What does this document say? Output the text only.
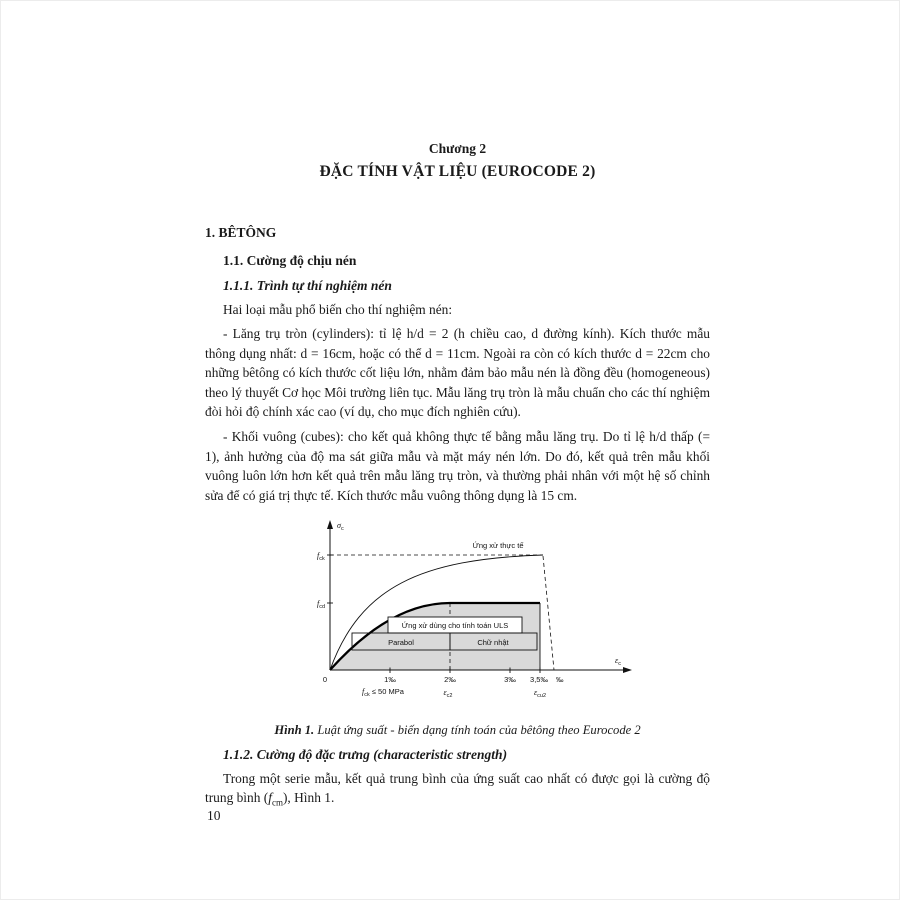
Chương 2
ĐẶC TÍNH VẬT LIỆU (EUROCODE 2)
1. BÊTÔNG
1.1. Cường độ chịu nén
1.1.1. Trình tự thí nghiệm nén

Hai loại mẫu phổ biến cho thí nghiệm nén:

- Lăng trụ tròn (cylinders): tỉ lệ h/d = 2 (h chiều cao, d đường kính). Kích thước mẫu thông dụng nhất: d = 16cm, hoặc có thể d = 11cm. Ngoài ra còn có kích thước d = 22cm cho những bêtông có kích thước cốt liệu lớn, nhằm đảm bảo mẫu nén là đồng đều (homogeneous) theo lý thuyết Cơ học Môi trường liên tục. Mẫu lăng trụ tròn là mẫu chuẩn cho các thí nghiệm đòi hỏi độ chính xác cao (ví dụ, cho mục đích nghiên cứu).

- Khối vuông (cubes): cho kết quả không thực tế bằng mẫu lăng trụ. Do tỉ lệ h/d thấp (= 1), ảnh hưởng của độ ma sát giữa mẫu và mặt máy nén lớn. Do đó, kết quả trên mẫu khối vuông luôn lớn hơn kết quả trên mẫu lăng trụ tròn, và thường phải nhân với một hệ số chỉnh sửa để có giá trị thực tế. Kích thước mẫu vuông thông dụng là 15 cm.

$\sigma_c$
$f_{ck}$
$f_{cd}$
Ứng xử thực tế
Ứng xử dùng cho tính toán ULS
Parabol	Chữ nhật
0	1‰	2‰	3‰ 3,5‰ ‰
$\varepsilon_c$
$f_{ck} \le 50$ MPa	$\varepsilon_{c2}$	$\varepsilon_{cu2}$
Hình 1. Luật ứng suất - biến dạng tính toán của bêtông theo Eurocode 2
1.1.2. Cường độ đặc trưng (characteristic strength)

Trong một serie mẫu, kết quả trung bình của ứng suất cao nhất có được gọi là cường độ trung bình $(f_{cm})$, Hình 1.

10
